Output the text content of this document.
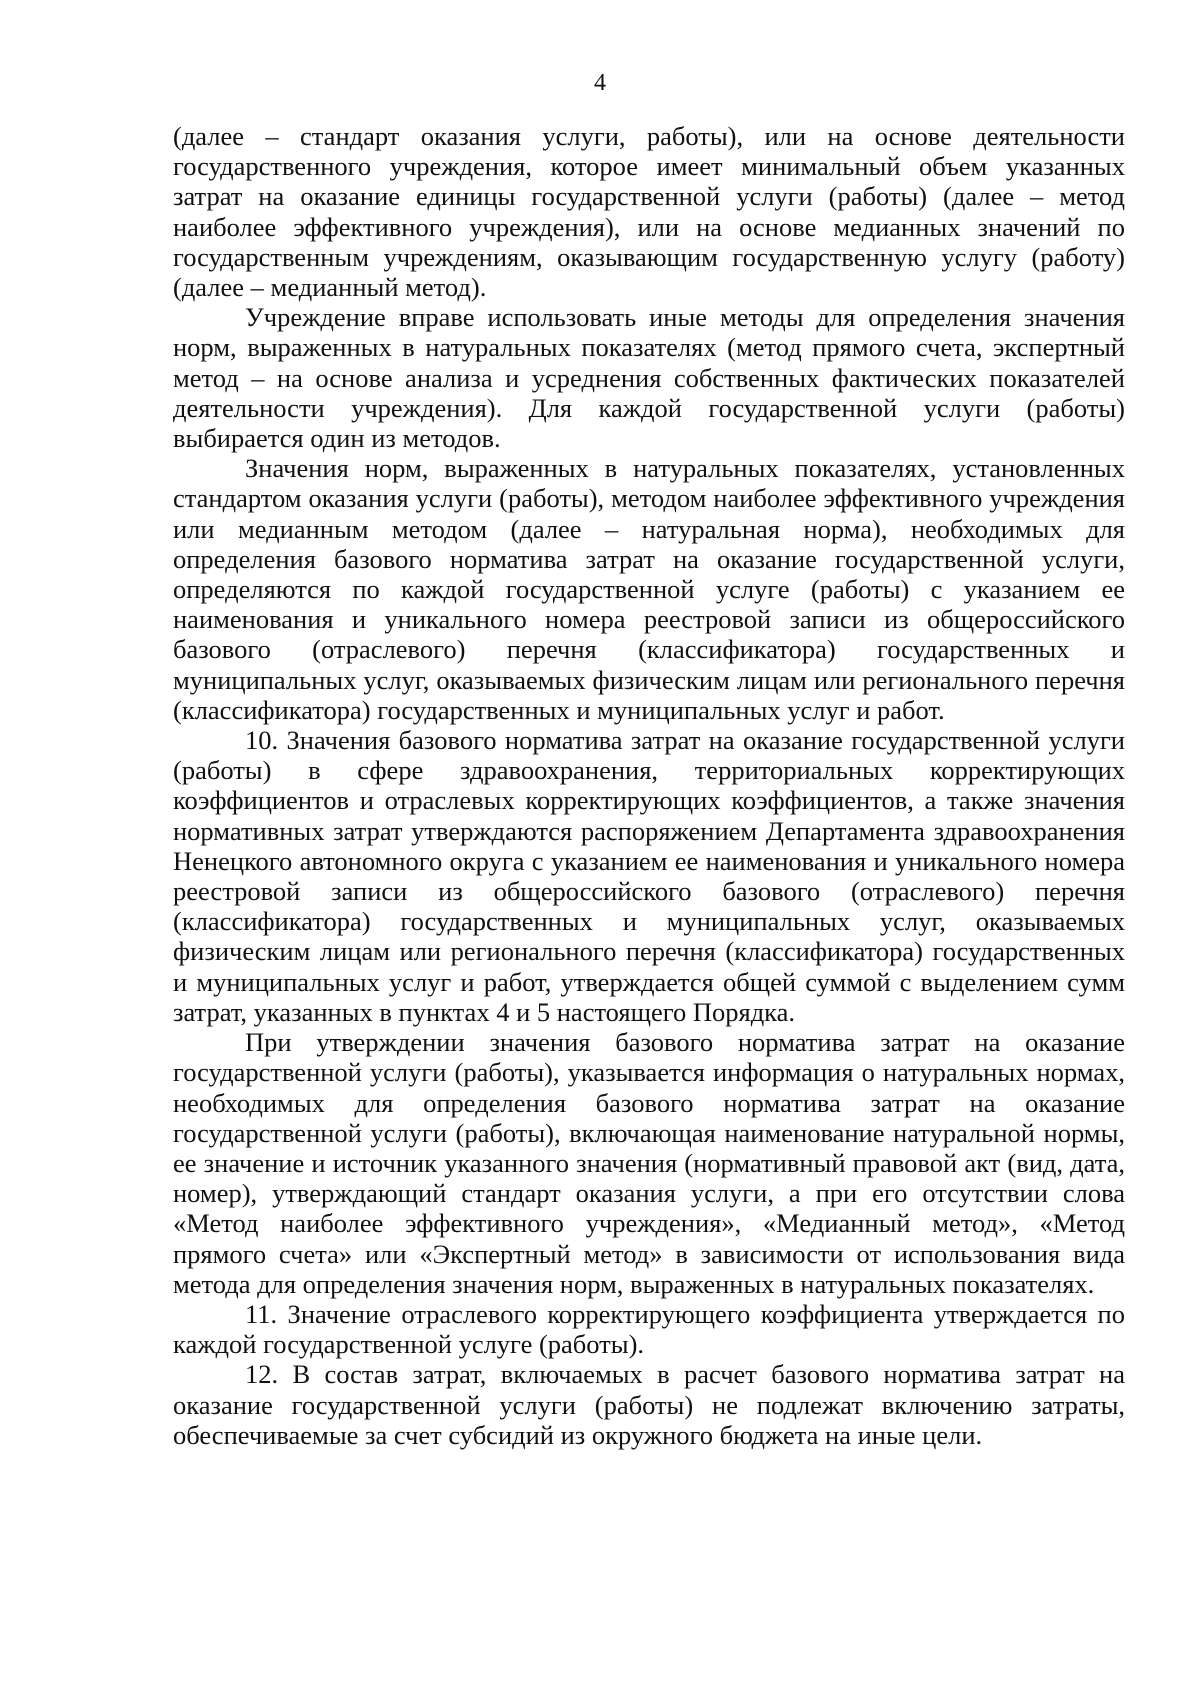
4

(далее – стандарт оказания услуги, работы), или на основе деятельности государственного учреждения, которое имеет минимальный объем указанных затрат на оказание единицы государственной услуги (работы) (далее – метод наиболее эффективного учреждения), или на основе медианных значений по государственным учреждениям, оказывающим государственную услугу (работу) (далее – медианный метод).

Учреждение вправе использовать иные методы для определения значения норм, выраженных в натуральных показателях (метод прямого счета, экспертный метод – на основе анализа и усреднения собственных фактических показателей деятельности учреждения). Для каждой государственной услуги (работы) выбирается один из методов.

Значения норм, выраженных в натуральных показателях, установленных стандартом оказания услуги (работы), методом наиболее эффективного учреждения или медианным методом (далее – натуральная норма), необходимых для определения базового норматива затрат на оказание государственной услуги, определяются по каждой государственной услуге (работы) с указанием ее наименования и уникального номера реестровой записи из общероссийского базового (отраслевого) перечня (классификатора) государственных и муниципальных услуг, оказываемых физическим лицам или регионального перечня (классификатора) государственных и муниципальных услуг и работ.

10. Значения базового норматива затрат на оказание государственной услуги (работы) в сфере здравоохранения, территориальных корректирующих коэффициентов и отраслевых корректирующих коэффициентов, а также значения нормативных затрат утверждаются распоряжением Департамента здравоохранения Ненецкого автономного округа с указанием ее наименования и уникального номера реестровой записи из общероссийского базового (отраслевого) перечня (классификатора) государственных и муниципальных услуг, оказываемых физическим лицам или регионального перечня (классификатора) государственных и муниципальных услуг и работ, утверждается общей суммой с выделением сумм затрат, указанных в пунктах 4 и 5 настоящего Порядка.

При утверждении значения базового норматива затрат на оказание государственной услуги (работы), указывается информация о натуральных нормах, необходимых для определения базового норматива затрат на оказание государственной услуги (работы), включающая наименование натуральной нормы, ее значение и источник указанного значения (нормативный правовой акт (вид, дата, номер), утверждающий стандарт оказания услуги, а при его отсутствии слова «Метод наиболее эффективного учреждения», «Медианный метод», «Метод прямого счета» или «Экспертный метод» в зависимости от использования вида метода для определения значения норм, выраженных в натуральных показателях.

11. Значение отраслевого корректирующего коэффициента утверждается по каждой государственной услуге (работы).

12. В состав затрат, включаемых в расчет базового норматива затрат на оказание государственной услуги (работы) не подлежат включению затраты, обеспечиваемые за счет субсидий из окружного бюджета на иные цели.
